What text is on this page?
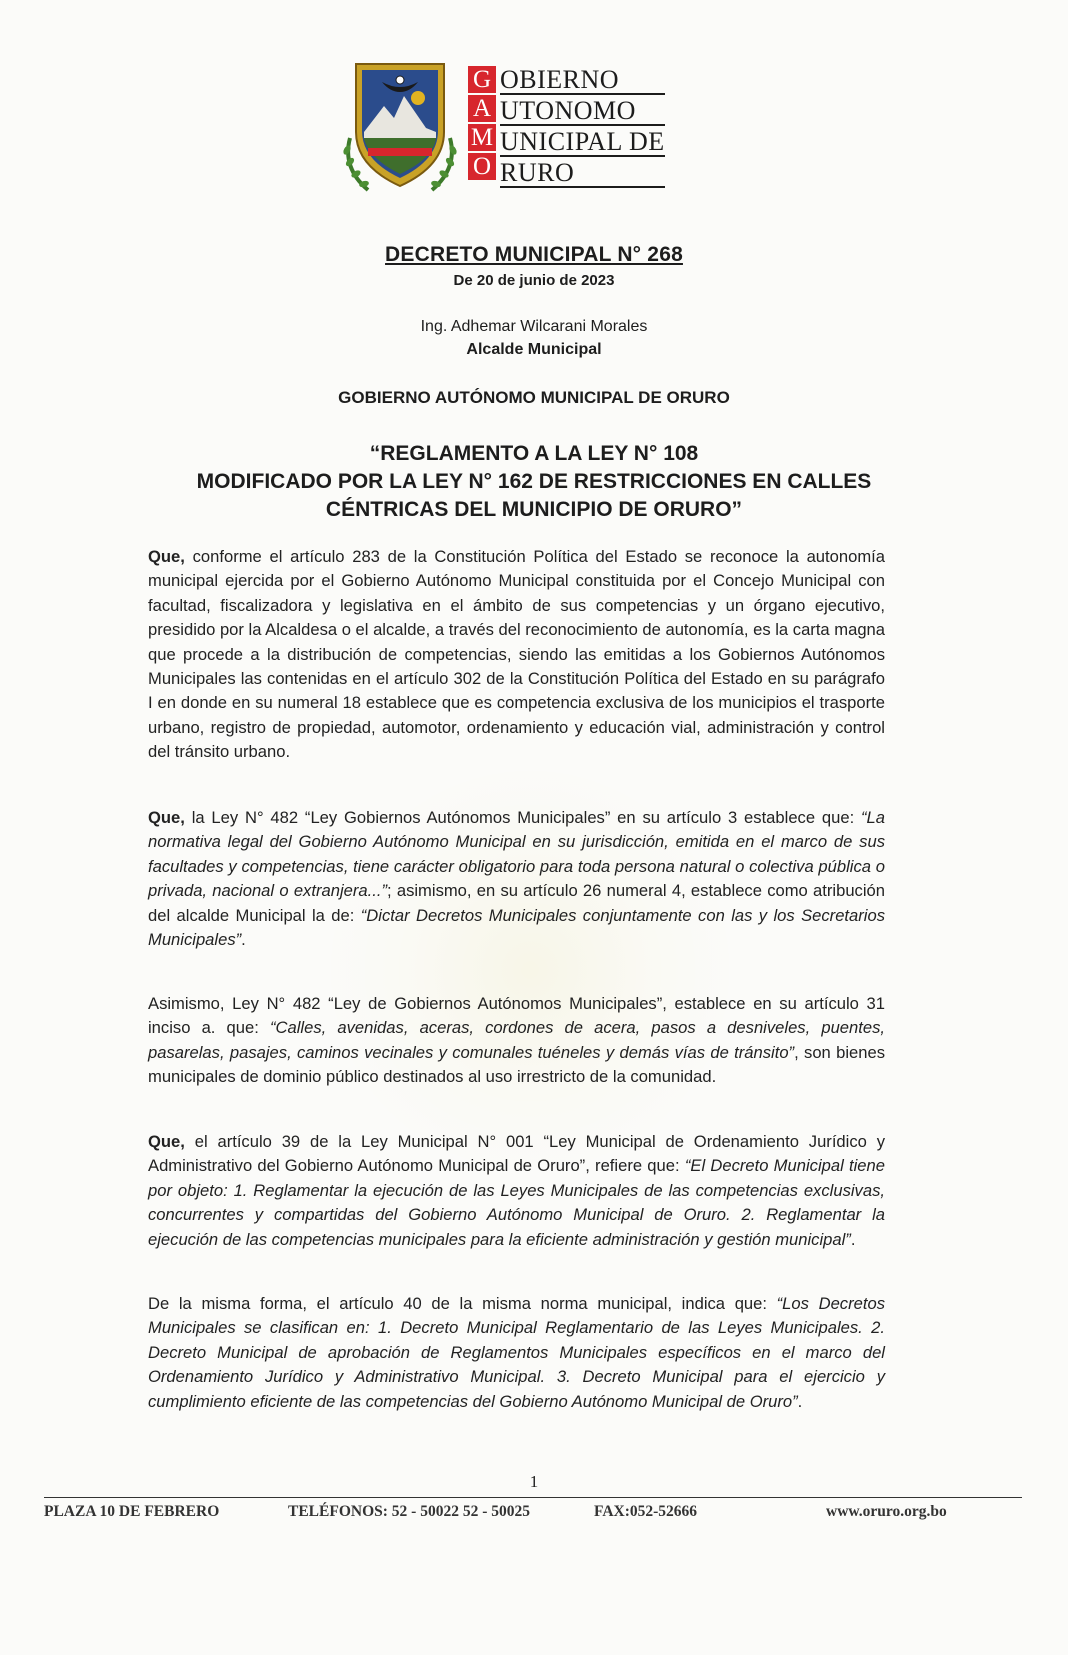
G
A
M
O
OBIERNO
UTONOMO
UNICIPAL DE
RURO
DECRETO MUNICIPAL N° 268
De 20 de junio de 2023
Ing. Adhemar Wilcarani Morales
Alcalde Municipal
GOBIERNO AUTÓNOMO MUNICIPAL DE ORURO
“REGLAMENTO A LA LEY N° 108
MODIFICADO POR LA LEY N° 162 DE RESTRICCIONES EN CALLES
CÉNTRICAS DEL MUNICIPIO DE ORURO”
Que, conforme el artículo 283 de la Constitución Política del Estado se reconoce la autonomía municipal ejercida por el Gobierno Autónomo Municipal constituida por el Concejo Municipal con facultad, fiscalizadora y legislativa en el ámbito de sus competencias y un órgano ejecutivo, presidido por la Alcaldesa o el alcalde, a través del reconocimiento de autonomía, es la carta magna que procede a la distribución de competencias, siendo las emitidas a los Gobiernos Autónomos Municipales las contenidas en el artículo 302 de la Constitución Política del Estado en su parágrafo I en donde en su numeral 18 establece que es competencia exclusiva de los municipios el trasporte urbano, registro de propiedad, automotor, ordenamiento y educación vial, administración y control del tránsito urbano.
Que, la Ley N° 482 “Ley Gobiernos Autónomos Municipales” en su artículo 3 establece que: “La normativa legal del Gobierno Autónomo Municipal en su jurisdicción, emitida en el marco de sus facultades y competencias, tiene carácter obligatorio para toda persona natural o colectiva pública o privada, nacional o extranjera...”; asimismo, en su artículo 26 numeral 4, establece como atribución del alcalde Municipal la de: “Dictar Decretos Municipales conjuntamente con las y los Secretarios Municipales”.
Asimismo, Ley N° 482 “Ley de Gobiernos Autónomos Municipales”, establece en su artículo 31 inciso a. que: “Calles, avenidas, aceras, cordones de acera, pasos a desniveles, puentes, pasarelas, pasajes, caminos vecinales y comunales tuéneles y demás vías de tránsito”, son bienes municipales de dominio público destinados al uso irrestricto de la comunidad.
Que, el artículo 39 de la Ley Municipal N° 001 “Ley Municipal de Ordenamiento Jurídico y Administrativo del Gobierno Autónomo Municipal de Oruro”, refiere que: “El Decreto Municipal tiene por objeto: 1. Reglamentar la ejecución de las Leyes Municipales de las competencias exclusivas, concurrentes y compartidas del Gobierno Autónomo Municipal de Oruro. 2. Reglamentar la ejecución de las competencias municipales para la eficiente administración y gestión municipal”.
De la misma forma, el artículo 40 de la misma norma municipal, indica que: “Los Decretos Municipales se clasifican en: 1. Decreto Municipal Reglamentario de las Leyes Municipales. 2. Decreto Municipal de aprobación de Reglamentos Municipales específicos en el marco del Ordenamiento Jurídico y Administrativo Municipal. 3. Decreto Municipal para el ejercicio y cumplimiento eficiente de las competencias del Gobierno Autónomo Municipal de Oruro”.
1
PLAZA 10 DE FEBRERO	TELÉFONOS: 52 - 50022 52 - 50025	FAX:052-52666	www.oruro.org.bo
